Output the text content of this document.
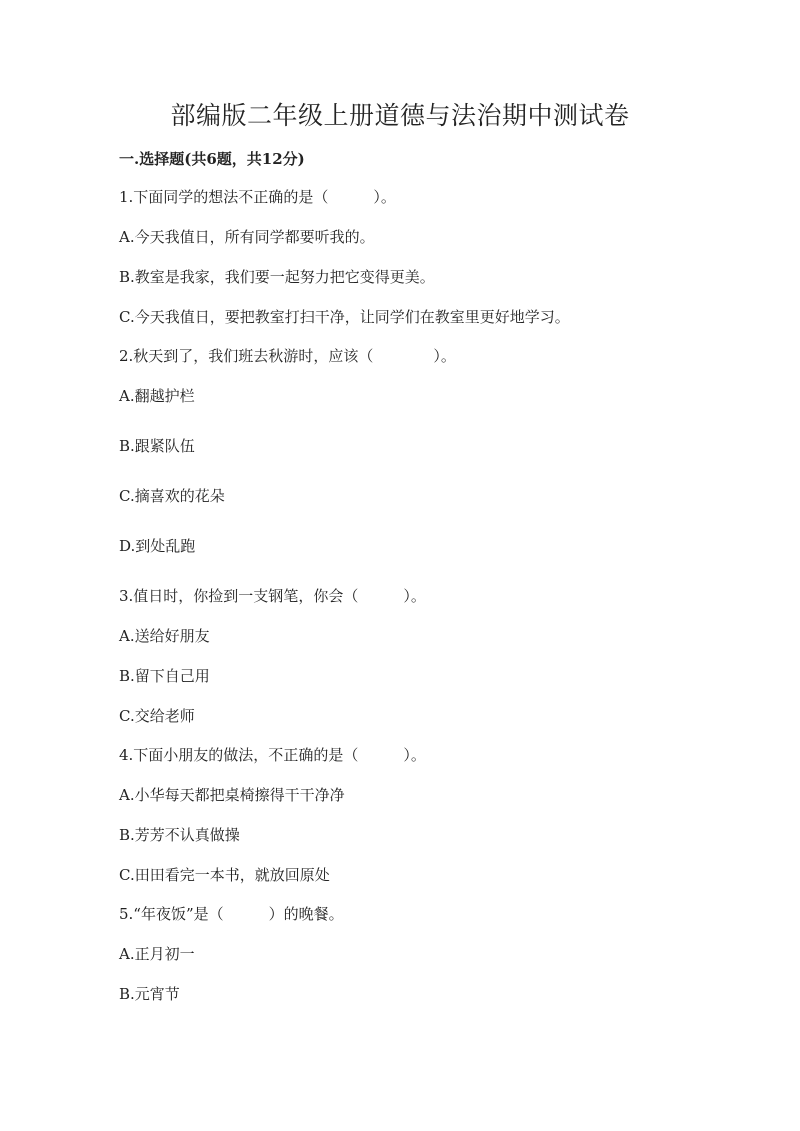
部编版二年级上册道德与法治期中测试卷
一.选择题(共6题，共12分)
1.下面同学的想法不正确的是（　　　）。
A.今天我值日，所有同学都要听我的。
B.教室是我家，我们要一起努力把它变得更美。
C.今天我值日，要把教室打扫干净，让同学们在教室里更好地学习。
2.秋天到了，我们班去秋游时，应该（　　　　）。
A.翻越护栏
B.跟紧队伍
C.摘喜欢的花朵
D.到处乱跑
3.值日时，你捡到一支钢笔，你会（　　　）。
A.送给好朋友
B.留下自己用
C.交给老师
4.下面小朋友的做法，不正确的是（　　　）。
A.小华每天都把桌椅擦得干干净净
B.芳芳不认真做操
C.田田看完一本书，就放回原处
5.“年夜饭”是（　　　）的晚餐。
A.正月初一
B.元宵节
